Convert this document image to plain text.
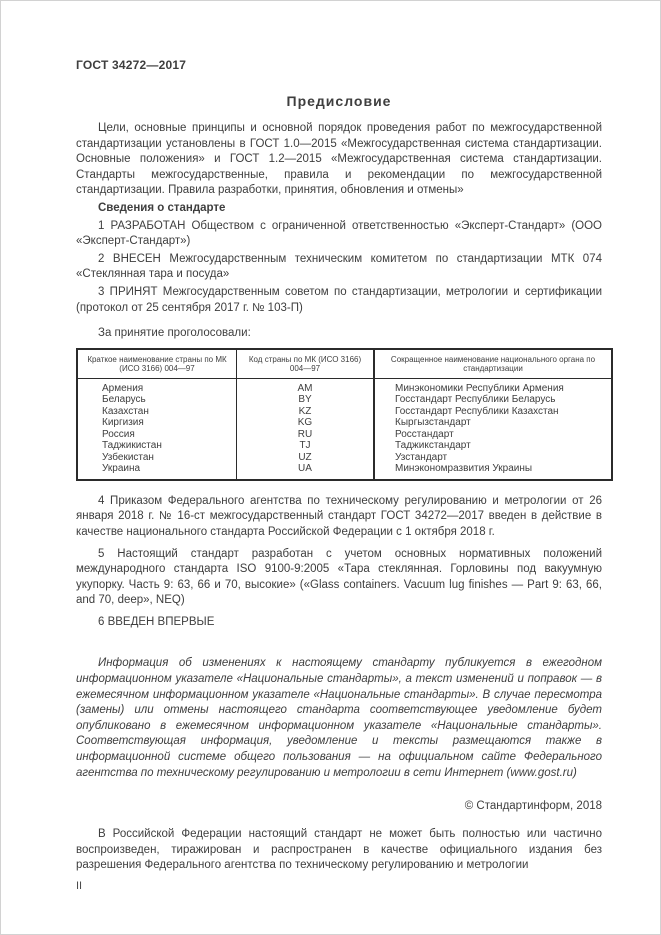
ГОСТ 34272—2017
Предисловие

Цели, основные принципы и основной порядок проведения работ по межгосударственной стандартизации установлены в ГОСТ 1.0—2015 «Межгосударственная система стандартизации. Основные положения» и ГОСТ 1.2—2015 «Межгосударственная система стандартизации. Стандарты межгосударственные, правила и рекомендации по межгосударственной стандартизации. Правила разработки, принятия, обновления и отмены»

Сведения о стандарте

1 РАЗРАБОТАН Обществом с ограниченной ответственностью «Эксперт-Стандарт» (ООО «Эксперт-Стандарт»)

2 ВНЕСЕН Межгосударственным техническим комитетом по стандартизации МТК 074 «Стеклянная тара и посуда»

3 ПРИНЯТ Межгосударственным советом по стандартизации, метрологии и сертификации (протокол от 25 сентября 2017 г. № 103-П)

За принятие проголосовали:

Краткое наименование страны по МК (ИСО 3166) 004—97	Код страны по МК (ИСО 3166) 004—97	Сокращенное наименование национального органа по стандартизации
Армения	AM	Минэкономики Республики Армения
Беларусь	BY	Госстандарт Республики Беларусь
Казахстан	KZ	Госстандарт Республики Казахстан
Киргизия	KG	Кыргызстандарт
Россия	RU	Росстандарт
Таджикистан	TJ	Таджикстандарт
Узбекистан	UZ	Узстандарт
Украина	UA	Минэкономразвития Украины

4 Приказом Федерального агентства по техническому регулированию и метрологии от 26 января 2018 г. № 16-ст межгосударственный стандарт ГОСТ 34272—2017 введен в действие в качестве национального стандарта Российской Федерации с 1 октября 2018 г.

5 Настоящий стандарт разработан с учетом основных нормативных положений международного стандарта ISO 9100-9:2005 «Тара стеклянная. Горловины под вакуумную укупорку. Часть 9: 63, 66 и 70, высокие» («Glass containers. Vacuum lug finishes — Part 9: 63, 66, and 70, deep», NEQ)

6 ВВЕДЕН ВПЕРВЫЕ

Информация об изменениях к настоящему стандарту публикуется в ежегодном информационном указателе «Национальные стандарты», а текст изменений и поправок — в ежемесячном информационном указателе «Национальные стандарты». В случае пересмотра (замены) или отмены настоящего стандарта соответствующее уведомление будет опубликовано в ежемесячном информационном указателе «Национальные стандарты». Соответствующая информация, уведомление и тексты размещаются также в информационной системе общего пользования — на официальном сайте Федерального агентства по техническому регулированию и метрологии в сети Интернет (www.gost.ru)

© Стандартинформ, 2018

В Российской Федерации настоящий стандарт не может быть полностью или частично воспроизведен, тиражирован и распространен в качестве официального издания без разрешения Федерального агентства по техническому регулированию и метрологии

II
